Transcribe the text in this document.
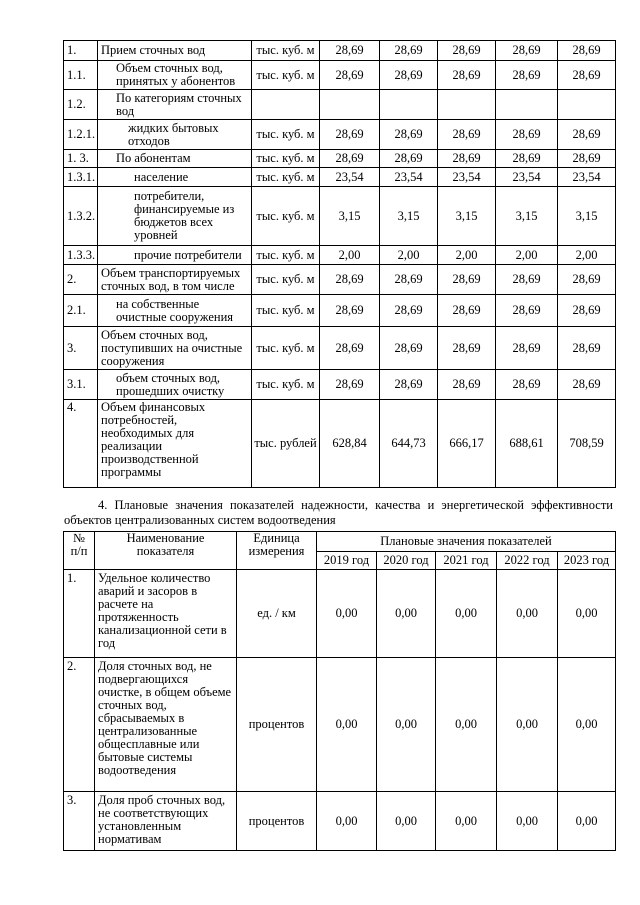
1.	Прием сточных вод	тыс. куб. м	28,69	28,69	28,69	28,69	28,69
1.1.	Объем сточных вод, принятых у абонентов	тыс. куб. м	28,69	28,69	28,69	28,69	28,69
1.2.	По категориям сточных вод						
1.2.1.	жидких бытовых отходов	тыс. куб. м	28,69	28,69	28,69	28,69	28,69
1. 3.	По абонентам	тыс. куб. м	28,69	28,69	28,69	28,69	28,69
1.3.1.	население	тыс. куб. м	23,54	23,54	23,54	23,54	23,54
1.3.2.	потребители, финансируемые из бюджетов всех уровней	тыс. куб. м	3,15	3,15	3,15	3,15	3,15
1.3.3.	прочие потребители	тыс. куб. м	2,00	2,00	2,00	2,00	2,00
2.	Объем транспортируемых сточных вод, в том числе	тыс. куб. м	28,69	28,69	28,69	28,69	28,69
2.1.	на собственные очистные сооружения	тыс. куб. м	28,69	28,69	28,69	28,69	28,69
3.	Объем сточных вод, поступивших на очистные сооружения	тыс. куб. м	28,69	28,69	28,69	28,69	28,69
3.1.	объем сточных вод, прошедших очистку	тыс. куб. м	28,69	28,69	28,69	28,69	28,69
4.	Объем финансовых потребностей, необходимых для реализации производственной программы	тыс. рублей	628,84	644,73	666,17	688,61	708,59
4. Плановые значения показателей надежности, качества и энергетической эффективности объектов централизованных систем водоотведения
№ п/п	Наименование показателя	Единица измерения	Плановые значения показателей				
			2019 год	2020 год	2021 год	2022 год	2023 год
1.	Удельное количество аварий и засоров в расчете на протяженность канализационной сети в год	ед. / км	0,00	0,00	0,00	0,00	0,00
2.	Доля сточных вод, не подвергающихся очистке, в общем объеме сточных вод, сбрасываемых в централизованные общесплавные или бытовые системы водоотведения	процентов	0,00	0,00	0,00	0,00	0,00
3.	Доля проб сточных вод, не соответствующих установленным нормативам	процентов	0,00	0,00	0,00	0,00	0,00
